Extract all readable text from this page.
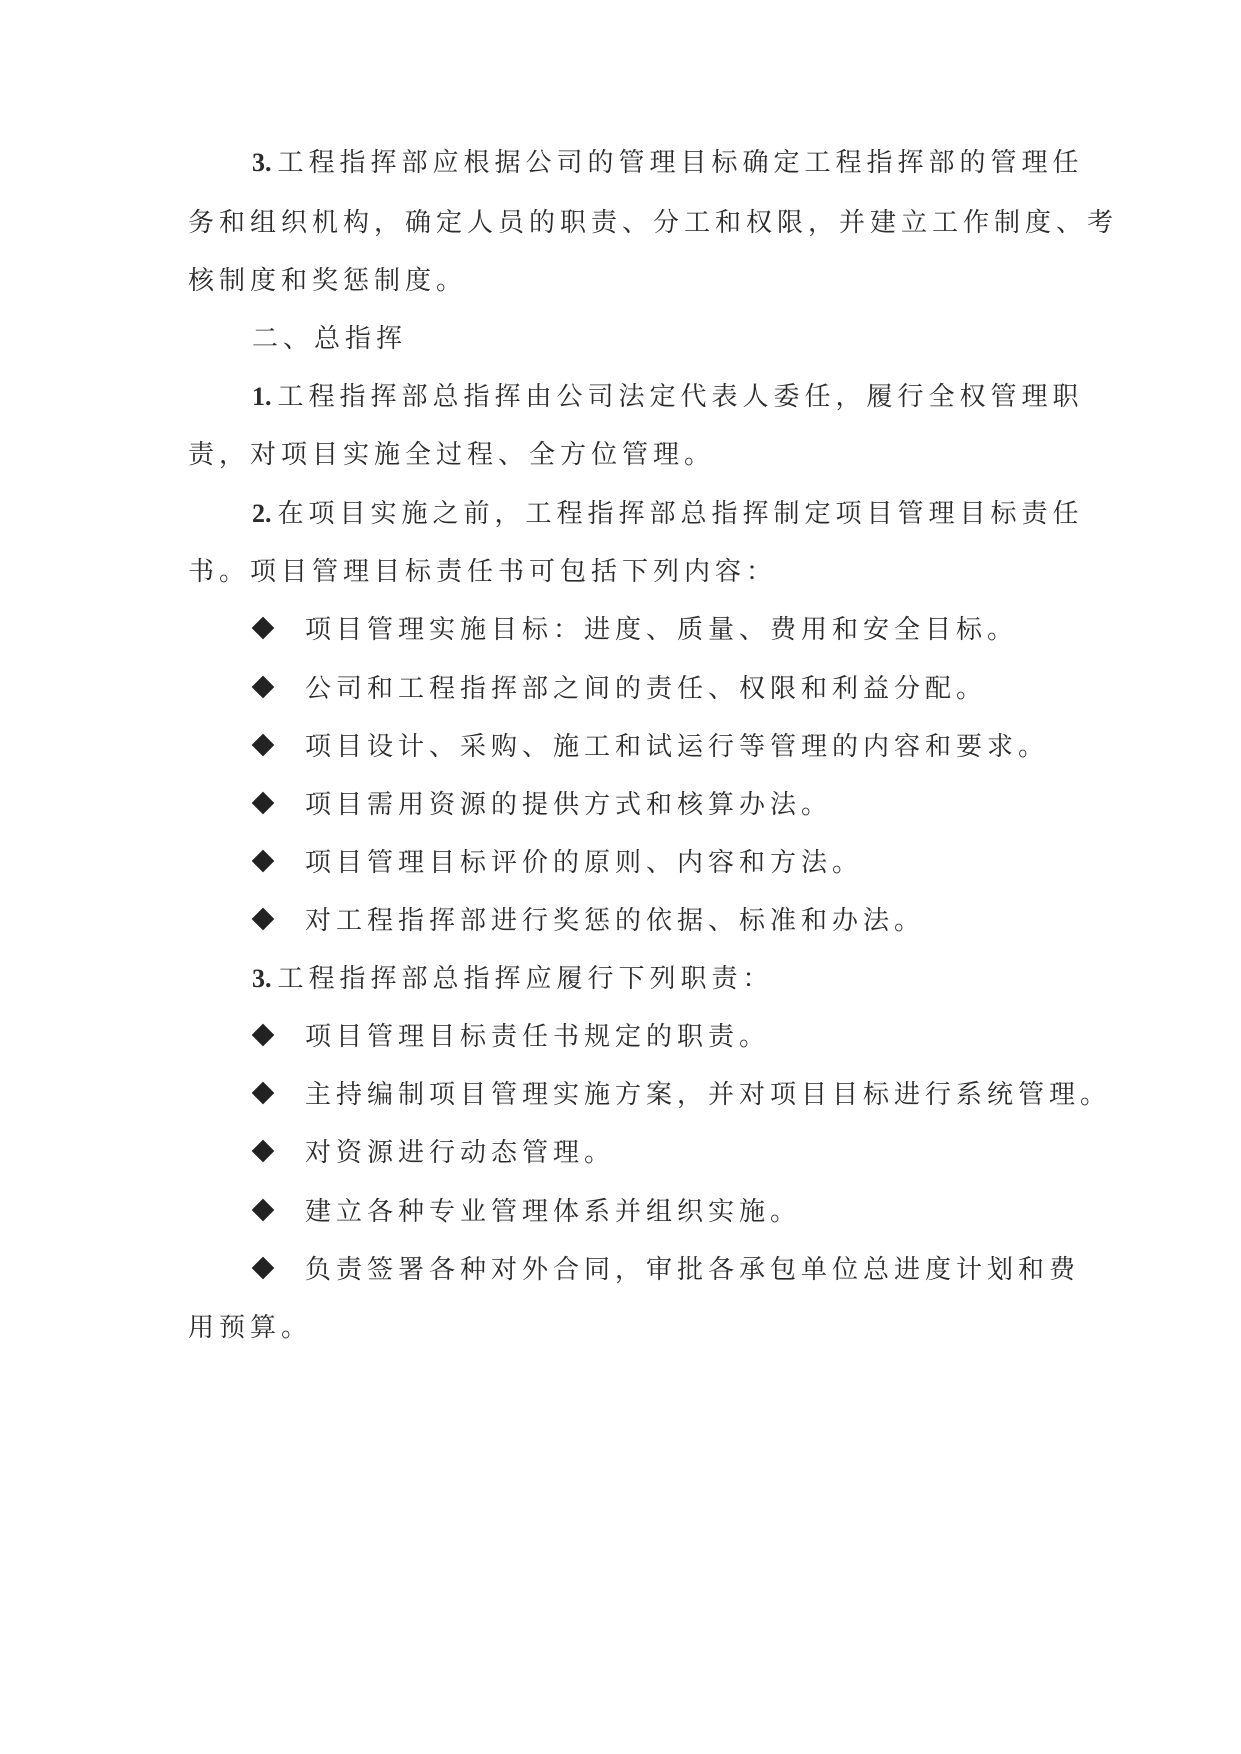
3. 工程指挥部应根据公司的管理目标确定工程指挥部的管理任
务和组织机构，确定人员的职责、分工和权限，并建立工作制度、考
核制度和奖惩制度。
二、总指挥
1. 工程指挥部总指挥由公司法定代表人委任，履行全权管理职
责，对项目实施全过程、全方位管理。
2. 在项目实施之前，工程指挥部总指挥制定项目管理目标责任
书。项目管理目标责任书可包括下列内容：
项目管理实施目标：进度、质量、费用和安全目标。
公司和工程指挥部之间的责任、权限和利益分配。
项目设计、采购、施工和试运行等管理的内容和要求。
项目需用资源的提供方式和核算办法。
项目管理目标评价的原则、内容和方法。
对工程指挥部进行奖惩的依据、标准和办法。
3. 工程指挥部总指挥应履行下列职责：
项目管理目标责任书规定的职责。
主持编制项目管理实施方案，并对项目目标进行系统管理。
对资源进行动态管理。
建立各种专业管理体系并组织实施。
负责签署各种对外合同，审批各承包单位总进度计划和费
用预算。
